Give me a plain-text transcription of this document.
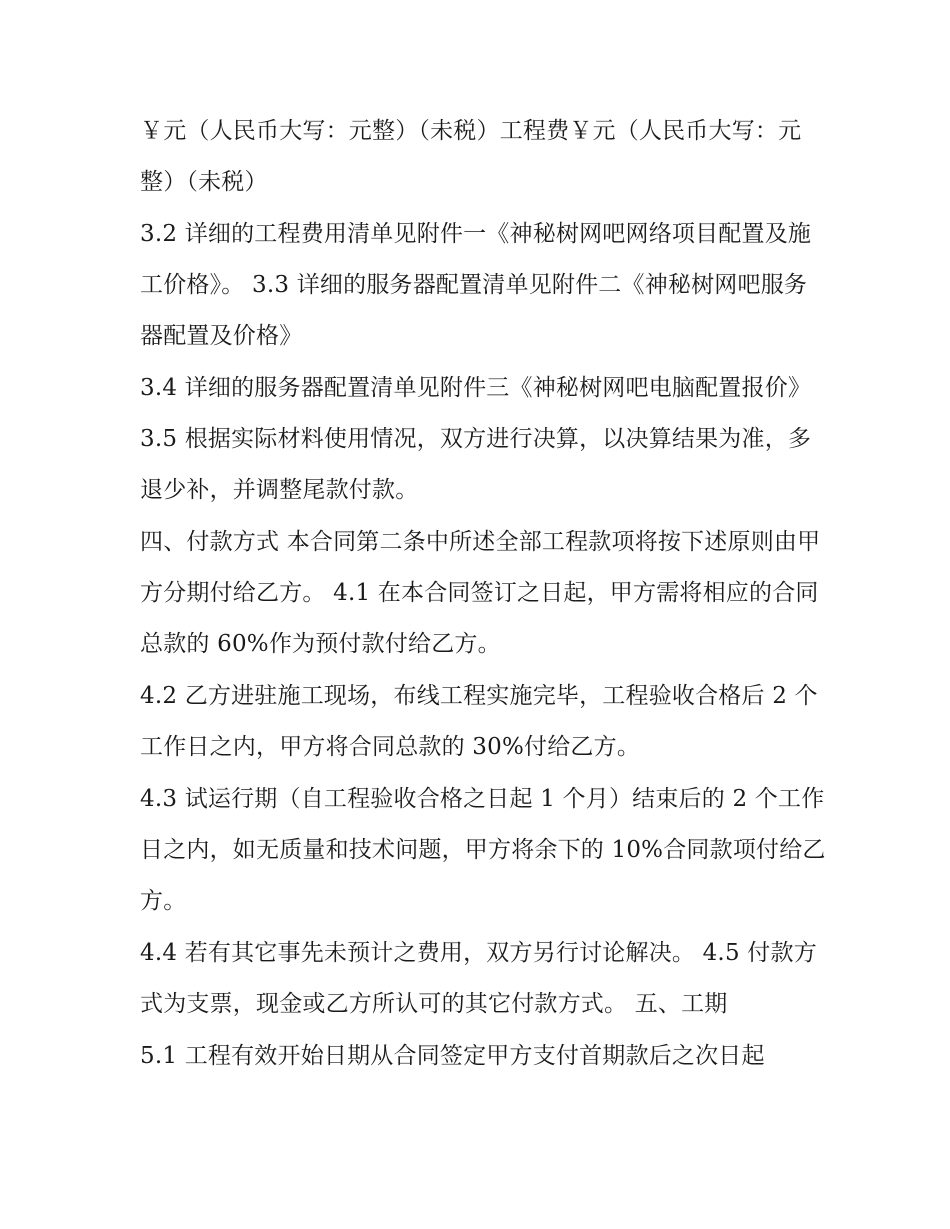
￥元（人民币大写：元整）（未税）工程费￥元（人民币大写：元整）（未税）

3.2 详细的工程费用清单见附件一《神秘树网吧网络项目配置及施工价格》。 3.3 详细的服务器配置清单见附件二《神秘树网吧服务器配置及价格》

3.4 详细的服务器配置清单见附件三《神秘树网吧电脑配置报价》 3.5 根据实际材料使用情况，双方进行决算，以决算结果为准，多退少补，并调整尾款付款。

四、付款方式 本合同第二条中所述全部工程款项将按下述原则由甲方分期付给乙方。 4.1 在本合同签订之日起，甲方需将相应的合同总款的 60%作为预付款付给乙方。

4.2 乙方进驻施工现场，布线工程实施完毕，工程验收合格后 2 个工作日之内，甲方将合同总款的 30%付给乙方。

4.3 试运行期（自工程验收合格之日起 1 个月）结束后的 2 个工作日之内，如无质量和技术问题，甲方将余下的 10%合同款项付给乙方。

4.4 若有其它事先未预计之费用，双方另行讨论解决。 4.5 付款方式为支票，现金或乙方所认可的其它付款方式。 五、工期

5.1 工程有效开始日期从合同签定甲方支付首期款后之次日起
